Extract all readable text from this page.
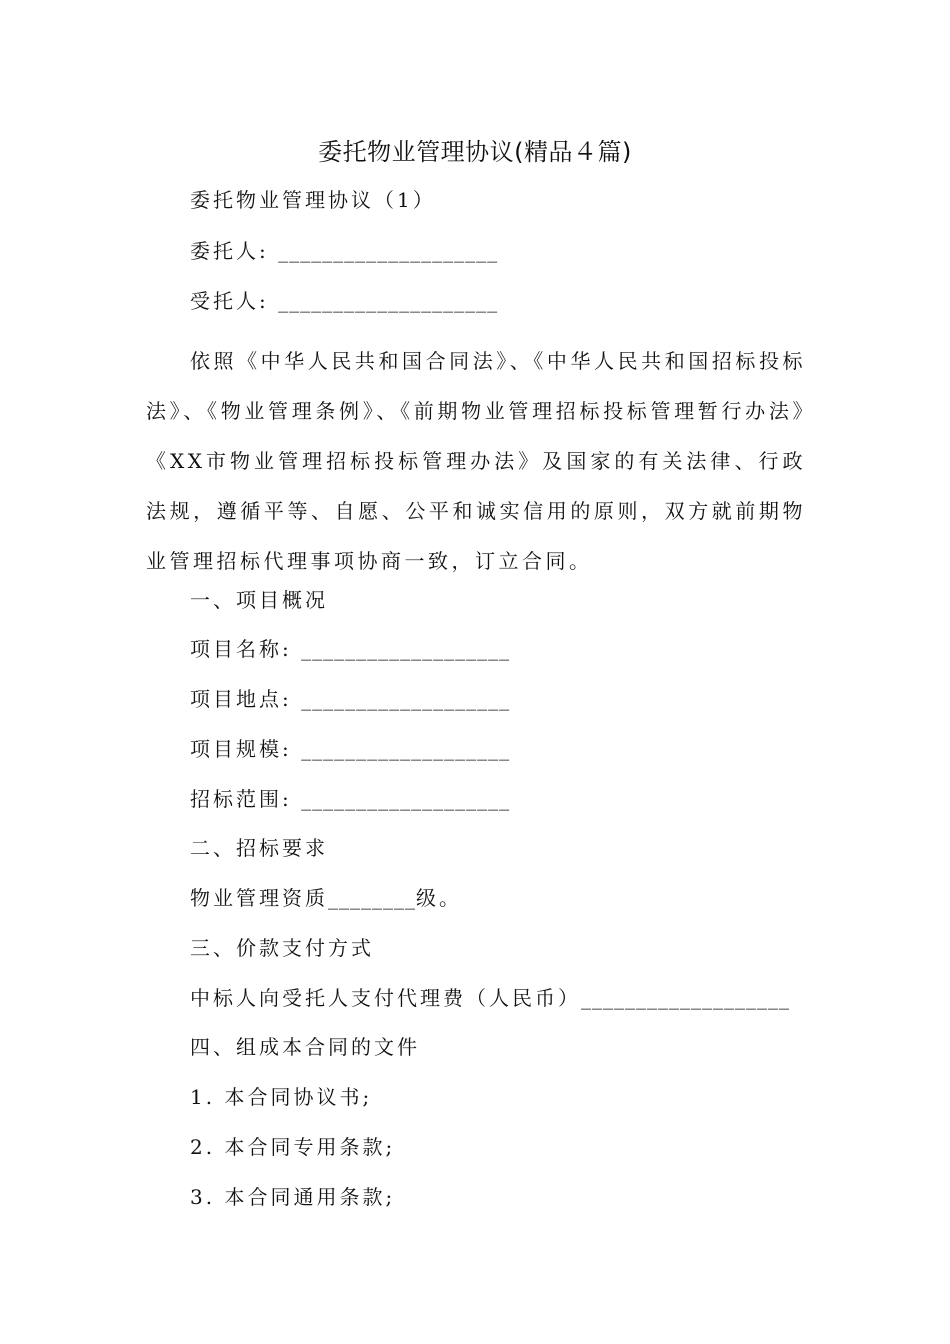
委托物业管理协议(精品４篇)
委托物业管理协议（1）
委托人: ____________________
受托人: ____________________
依照《中华人民共和国合同法》、《中华人民共和国招标投标法》、《物业管理条例》、《前期物业管理招标投标管理暂行办法》《XX市物业管理招标投标管理办法》及国家的有关法律、行政法规，遵循平等、自愿、公平和诚实信用的原则，双方就前期物业管理招标代理事项协商一致，订立合同。
一、项目概况
项目名称: ___________________
项目地点: ___________________
项目规模: ___________________
招标范围: ___________________
二、招标要求
物业管理资质________级。
三、价款支付方式
中标人向受托人支付代理费（人民币）___________________
四、组成本合同的文件
1. 本合同协议书;
2. 本合同专用条款;
3. 本合同通用条款;
